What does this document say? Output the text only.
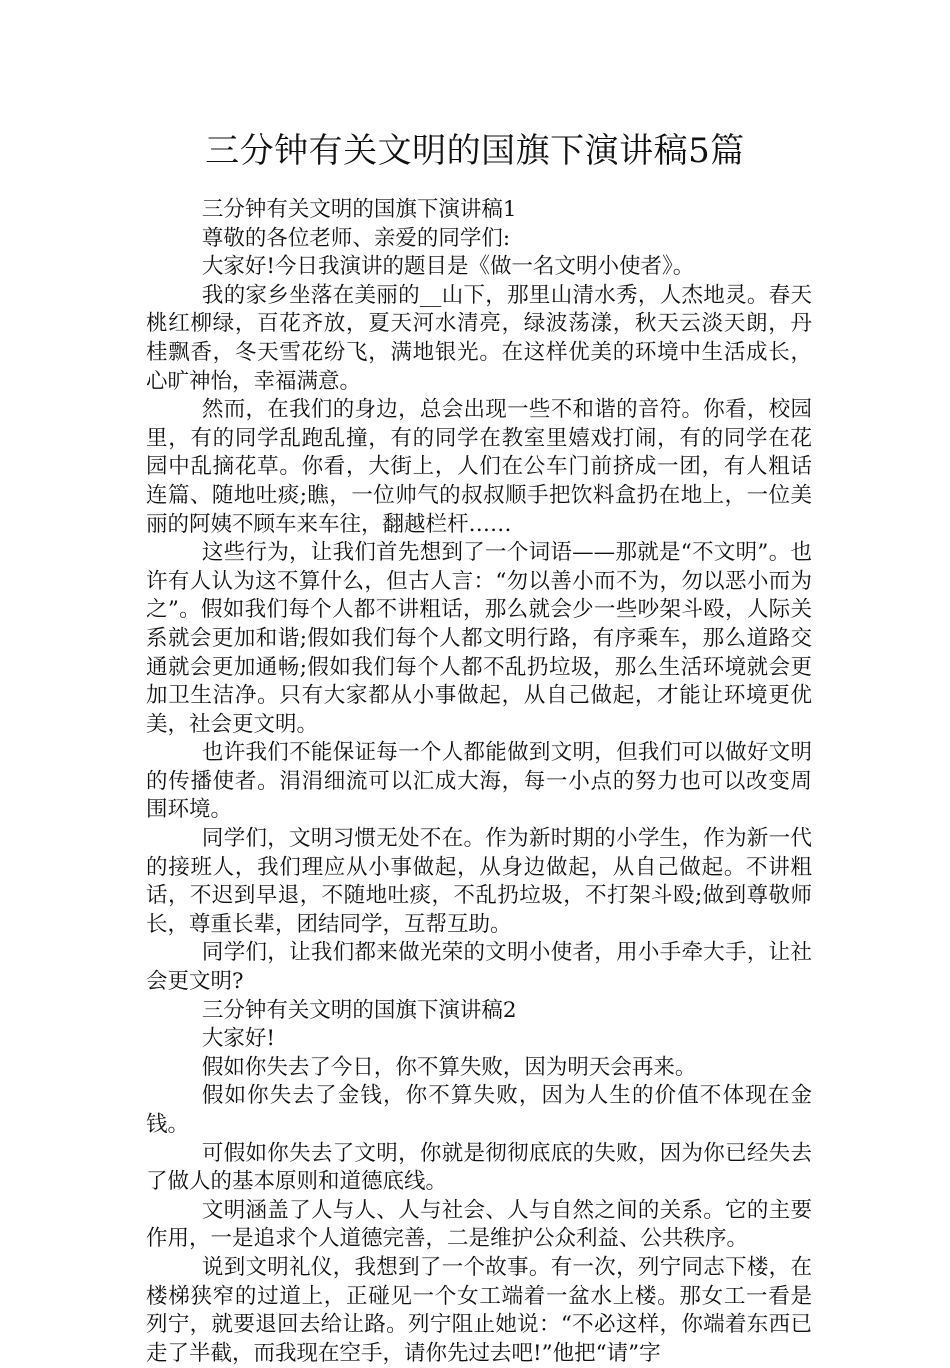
三分钟有关文明的国旗下演讲稿5篇

三分钟有关文明的国旗下演讲稿1

尊敬的各位老师、亲爱的同学们:

大家好!今日我演讲的题目是《做一名文明小使者》。

我的家乡坐落在美丽的__山下，那里山清水秀，人杰地灵。春天桃红柳绿，百花齐放，夏天河水清亮，绿波荡漾，秋天云淡天朗，丹桂飘香，冬天雪花纷飞，满地银光。在这样优美的环境中生活成长，心旷神怡，幸福满意。

然而，在我们的身边，总会出现一些不和谐的音符。你看，校园里，有的同学乱跑乱撞，有的同学在教室里嬉戏打闹，有的同学在花园中乱摘花草。你看，大街上，人们在公车门前挤成一团，有人粗话连篇、随地吐痰;瞧，一位帅气的叔叔顺手把饮料盒扔在地上，一位美丽的阿姨不顾车来车往，翻越栏杆……

这些行为，让我们首先想到了一个词语——那就是“不文明”。也许有人认为这不算什么，但古人言：“勿以善小而不为，勿以恶小而为之”。假如我们每个人都不讲粗话，那么就会少一些吵架斗殴，人际关系就会更加和谐;假如我们每个人都文明行路，有序乘车，那么道路交通就会更加通畅;假如我们每个人都不乱扔垃圾，那么生活环境就会更加卫生洁净。只有大家都从小事做起，从自己做起，才能让环境更优美，社会更文明。

也许我们不能保证每一个人都能做到文明，但我们可以做好文明的传播使者。涓涓细流可以汇成大海，每一小点的努力也可以改变周围环境。

同学们，文明习惯无处不在。作为新时期的小学生，作为新一代的接班人，我们理应从小事做起，从身边做起，从自己做起。不讲粗话，不迟到早退，不随地吐痰，不乱扔垃圾，不打架斗殴;做到尊敬师长，尊重长辈，团结同学，互帮互助。

同学们，让我们都来做光荣的文明小使者，用小手牵大手，让社会更文明?

三分钟有关文明的国旗下演讲稿2

大家好!

假如你失去了今日，你不算失败，因为明天会再来。

假如你失去了金钱，你不算失败，因为人生的价值不体现在金钱。

可假如你失去了文明，你就是彻彻底底的失败，因为你已经失去了做人的基本原则和道德底线。

文明涵盖了人与人、人与社会、人与自然之间的关系。它的主要作用，一是追求个人道德完善，二是维护公众利益、公共秩序。

说到文明礼仪，我想到了一个故事。有一次，列宁同志下楼，在楼梯狭窄的过道上，正碰见一个女工端着一盆水上楼。那女工一看是列宁，就要退回去给让路。列宁阻止她说：“不必这样，你端着东西已走了半截，而我现在空手，请你先过去吧!”他把“请”字
